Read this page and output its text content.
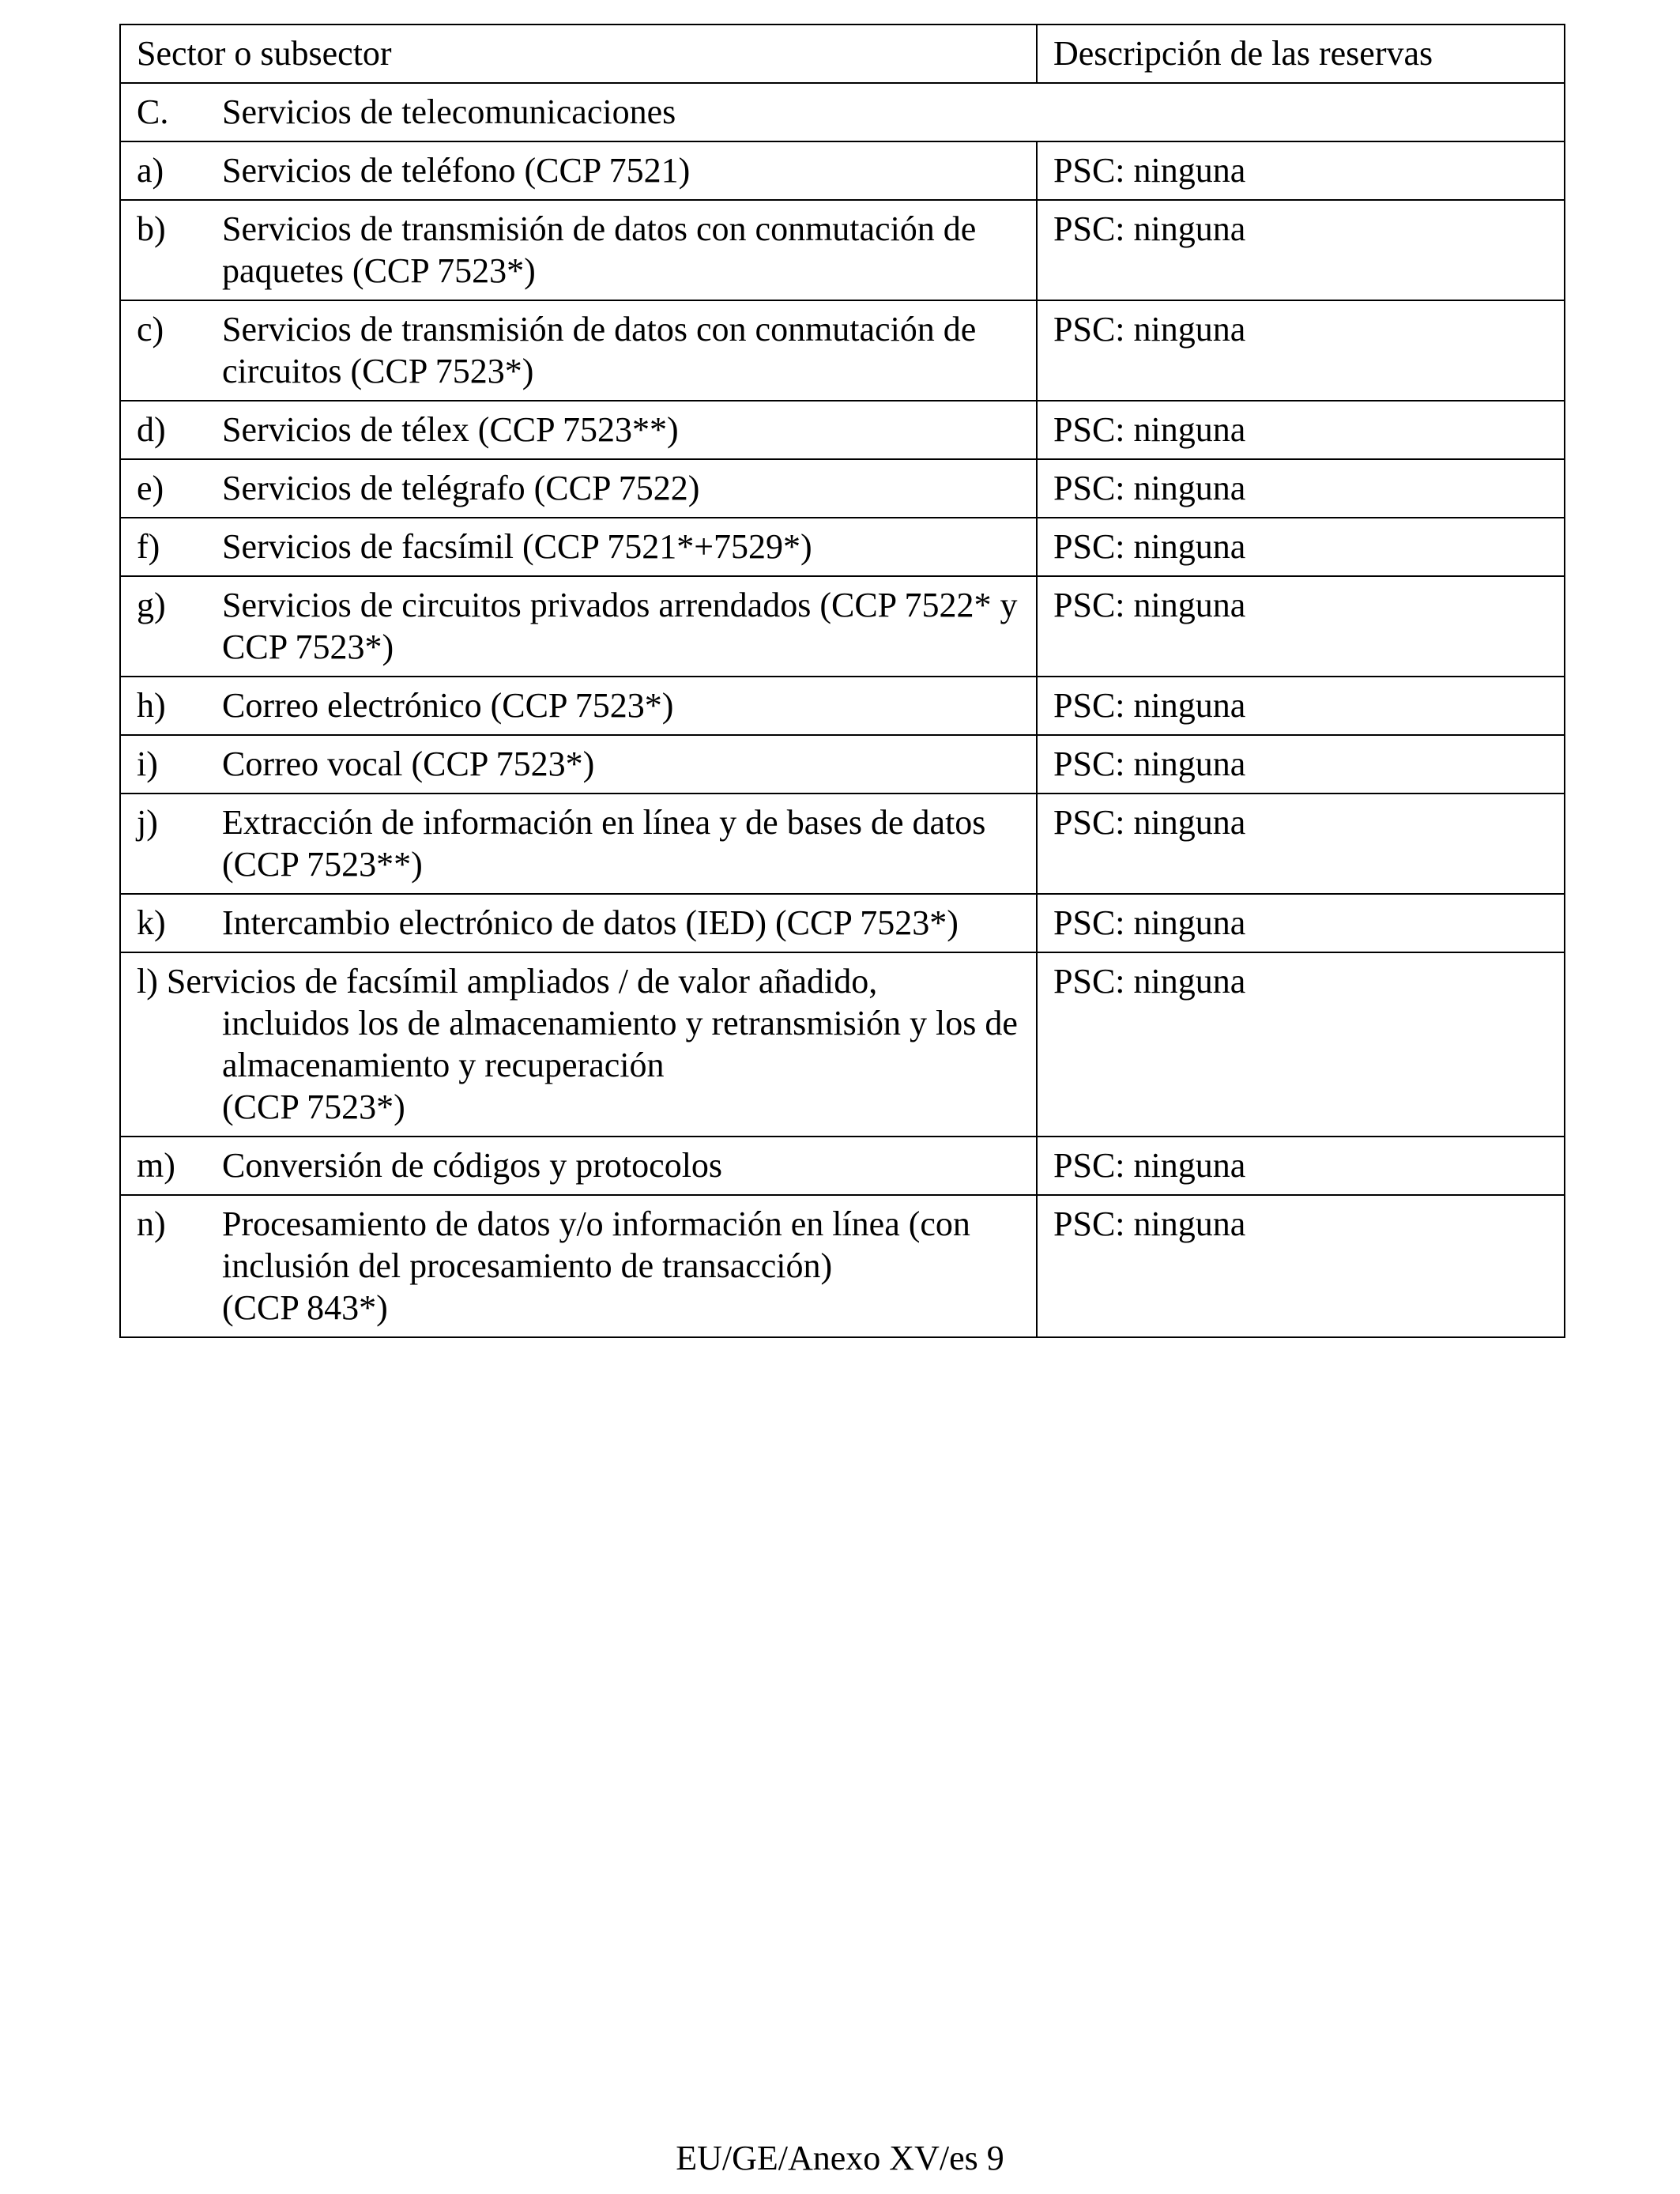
Sector o subsector	Descripción de las reservas

C. Servicios de telecomunicaciones	

a) Servicios de teléfono (CCP 7521)	PSC: ninguna

b) Servicios de transmisión de datos con conmutación de paquetes (CCP 7523*)	PSC: ninguna

c) Servicios de transmisión de datos con conmutación de circuitos (CCP 7523*)	PSC: ninguna

d) Servicios de télex (CCP 7523**)	PSC: ninguna

e) Servicios de telégrafo (CCP 7522)	PSC: ninguna

f) Servicios de facsímil (CCP 7521*+7529*)	PSC: ninguna

g) Servicios de circuitos privados arrendados (CCP 7522* y CCP 7523*)	PSC: ninguna

h) Correo electrónico (CCP 7523*)	PSC: ninguna

i) Correo vocal (CCP 7523*)	PSC: ninguna

j) Extracción de información en línea y de bases de datos (CCP 7523**)	PSC: ninguna

k) Intercambio electrónico de datos (IED) (CCP 7523*)	PSC: ninguna

l) Servicios de facsímil ampliados / de valor añadido,
incluidos los de almacenamiento y retransmisión y los de almacenamiento y recuperación
(CCP 7523*)	PSC: ninguna

m) Conversión de códigos y protocolos	PSC: ninguna

n) Procesamiento de datos y/o información en línea (con inclusión del procesamiento de transacción)
(CCP 843*)	PSC: ninguna
EU/GE/Anexo XV/es 9
